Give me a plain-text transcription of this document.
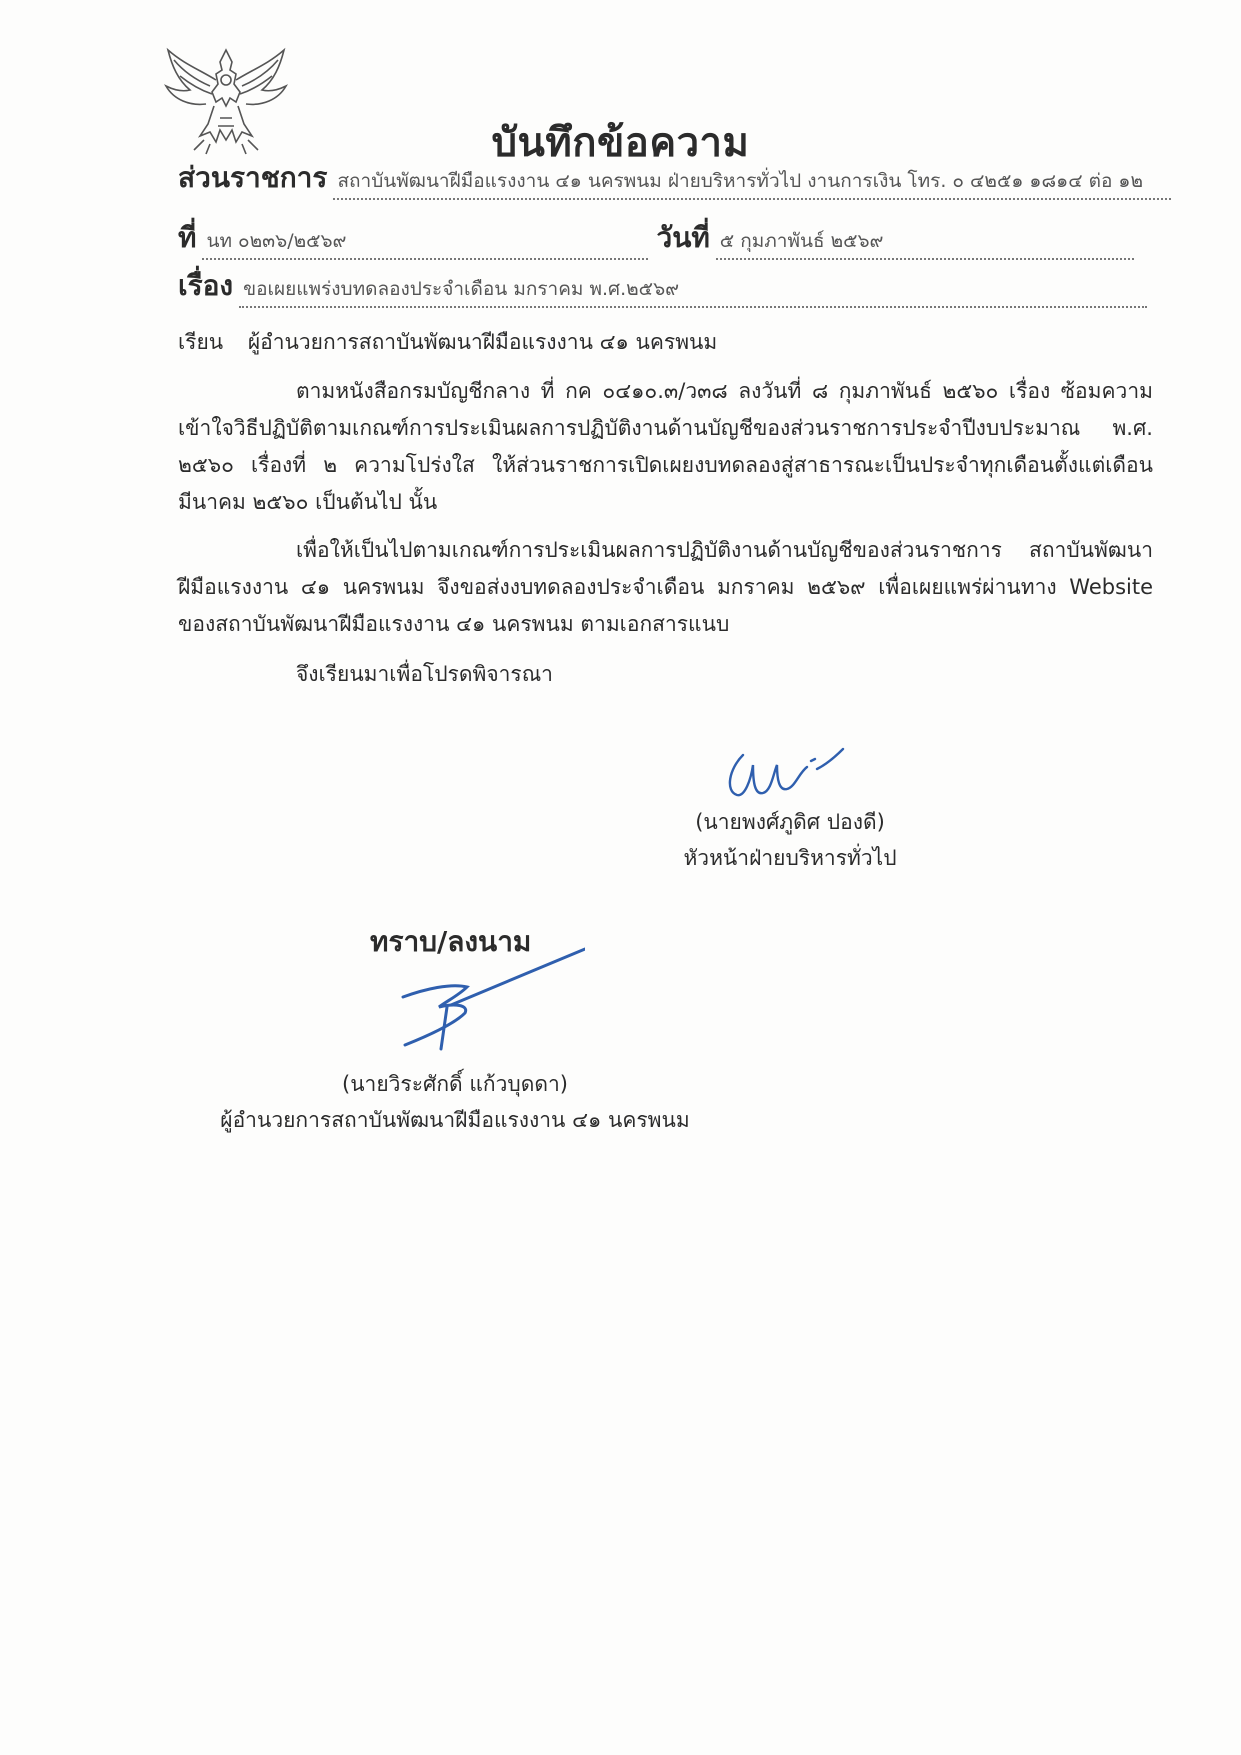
บันทึกข้อความ
ส่วนราชการ สถาบันพัฒนาฝีมือแรงงาน ๔๑ นครพนม ฝ่ายบริหารทั่วไป งานการเงิน โทร. ๐ ๔๒๕๑ ๑๘๑๔ ต่อ ๑๒
ที่ นท ๐๒๓๖/๒๕๖๙	วันที่ ๕ กุมภาพันธ์ ๒๕๖๙
เรื่อง ขอเผยแพร่งบทดลองประจำเดือน มกราคม พ.ศ.๒๕๖๙
เรียน ผู้อำนวยการสถาบันพัฒนาฝีมือแรงงาน ๔๑ นครพนม
ตามหนังสือกรมบัญชีกลาง ที่ กค ๐๔๑๐.๓/ว๓๘ ลงวันที่ ๘ กุมภาพันธ์ ๒๕๖๐ เรื่อง ซ้อมความเข้าใจวิธีปฏิบัติตามเกณฑ์การประเมินผลการปฏิบัติงานด้านบัญชีของส่วนราชการประจำปีงบประมาณ พ.ศ. ๒๕๖๐ เรื่องที่ ๒ ความโปร่งใส ให้ส่วนราชการเปิดเผยงบทดลองสู่สาธารณะเป็นประจำทุกเดือนตั้งแต่เดือน มีนาคม ๒๕๖๐ เป็นต้นไป นั้น
เพื่อให้เป็นไปตามเกณฑ์การประเมินผลการปฏิบัติงานด้านบัญชีของส่วนราชการ สถาบันพัฒนาฝีมือแรงงาน ๔๑ นครพนม จึงขอส่งงบทดลองประจำเดือน มกราคม ๒๕๖๙ เพื่อเผยแพร่ผ่านทาง Website ของสถาบันพัฒนาฝีมือแรงงาน ๔๑ นครพนม ตามเอกสารแนบ
จึงเรียนมาเพื่อโปรดพิจารณา
(นายพงศ์ภูดิศ ปองดี)
หัวหน้าฝ่ายบริหารทั่วไป
ทราบ/ลงนาม
(นายวิระศักดิ์ แก้วบุดดา)
ผู้อำนวยการสถาบันพัฒนาฝีมือแรงงาน ๔๑ นครพนม
